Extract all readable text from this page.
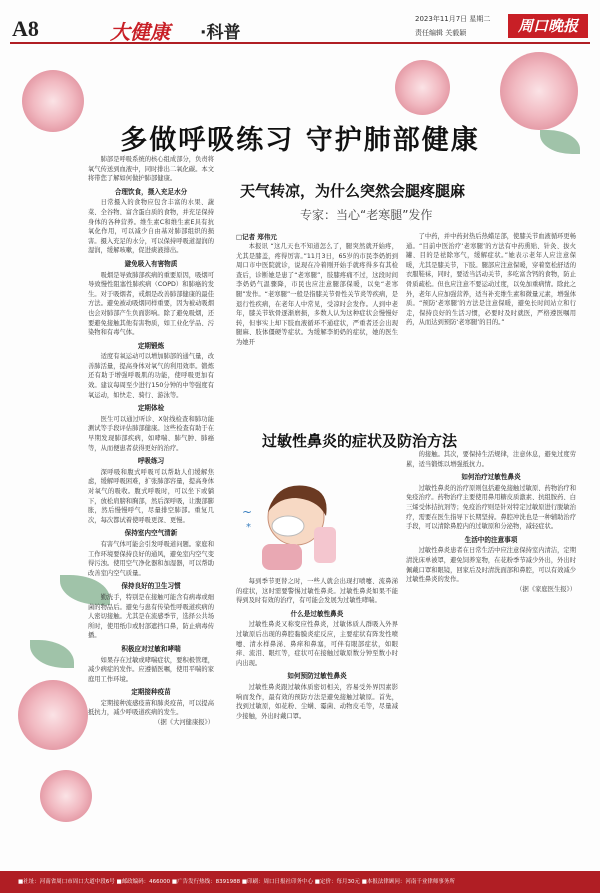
A8	大健康 ·科普
2023年11月7日 星期二
责任编辑 关毅颖	周口晚报
多做呼吸练习 守护肺部健康

肺部是呼吸系统的核心组成部分，负责将氧气传送到血液中，同时排出二氧化碳。本文将带您了解如何做护肺部健康。

合理饮食，摄入充足水分

日常摄入的食物应包含丰富的水果、蔬菜、全谷物、富含蛋白质的食物，并充足保持身体的各种营养。维生素C和维生素E具有抗氧化作用，可以减少自由基对肺部组织的损害。摄入充足的水分，可以保持呼吸道湿润的湿润，缓解咳嗽，促进痰液排出。

避免吸入有害物质

吸烟是导致肺部疾病的重要原因，吸烟可导致慢性阻塞性肺疾病（COPD）和肺癌的发生。对于吸烟者，戒烟是改善肺部健康的最佳方法。避免被动吸烟同样重要，因为被动吸烟也会对肺部产生负面影响。除了避免吸烟，还要避免接触其他有害物质，如工业化学品、污染物和有毒气体。

定期锻炼

适度有氧运动可以增加肺部的通气量，改善肺活量，提高身体对氧气的利用效率。锻炼还有助于增强呼吸肌的功能，使呼吸更加有效。建议每周至少进行150分钟的中等强度有氧运动，如快走、骑行、游泳等。

定期体检

医生可以通过听诊、X射线检查和肺功能测试等手段评估肺部健康。这些检查有助于在早期发现肺部疾病，如哮喘、肺气肿、肺癌等，从而便患者获得更好的治疗。

呼吸练习

深呼吸和腹式呼吸可以帮助人们缓解焦虑，缓解呼吸困难，扩张肺部容量，提高身体对氧气的吸收。腹式呼吸时，可以坐下或躺下，放松肩膀和胸部，然后深呼吸，让腹部膨胀，然后慢慢呼气，尽量排空肺部。重复几次，每次都试着使呼吸更深、更慢。

保持室内空气清新

有害气体可能会引发呼吸道问题。家庭和工作环境要保持良好的通风，避免室内空气变得污浊。使用空气净化器和加湿器，可以帮助改善室内空气质量。

保持良好的卫生习惯

勤洗手，特别是在接触可能含有病毒或细菌的物品后。避免与患有传染性呼吸道疾病的人密切接触。尤其是在流感季节，选择公共场所时，使用纸巾或肘部遮挡口鼻，防止病毒传播。

积极应对过敏和哮喘

如果存在过敏或哮喘症状，要积极管理，减少病症的发作。应遵循医嘱，使用平喘的家庭用工作环境。

定期接种疫苗

定期接种流感疫苗和肺炎疫苗，可以提高抵抗力，减少呼吸道疾病的发生。

（据《大河健康报》）

天气转凉，为什么突然会腿疼腿麻
专家：当心“老寒腿”发作
□记者 郑伟元

本报讯 “这几天也不知道怎么了，腿突然就开始疼，尤其是膝盖，疼得厉害。”11月3日，65岁的市民李奶奶到周口市中医院就诊，说现在冷着刚开始手就疼得多有其检查后，诊断她是患了“老寒腿”，肢膝疼痛不过，这段时间李奶奶气温骤降，市民也应注意腿部保暖，以免“老寒腿”发作。“老寒腿”一般是指膝关节骨性关节炎等疾病，是退行性疾病，在老年人中常见，受凉时会发作。人到中老年，膝关节软骨逐渐磨损，多数人认为这种症状会慢慢好转，但事实上却下肢血液循环不通症状，严重者还会出现腿麻、肢体僵硬等症状。为缓解李奶奶的症状，她的医生为她开

了中药，并中药封热后热蜡足部，使膝关节血液循环更畅通。“目前中医治疗‘老寒腿’的方法有中药熏贴、针灸、拔火罐、目的是祛除寒气，缓解症状。”她表示老年人应注意保暖，尤其是膝关节，下肢。腿部应注意保暖，穿着宽松舒适的衣服鞋袜，同时，要适当活动关节，多吃富含钙的食物，防止骨质疏松。但也应注意不要运动过度，以免加重病情。除此之外，老年人应加强营养，适当补充维生素和微量元素，增强体质。“预防‘老寒腿’的方法是注意保暖，避免长时间站立和行走，保持良好的生活习惯，必要时及时就医，严格遵医嘱用药，从而达到预防‘老寒腿’的目的。”

过敏性鼻炎的症状及防治方法
~
*

每到季节更替之时，一些人就会出现打喷嚏、流鼻涕的症状，这时需要警惕过敏性鼻炎。过敏性鼻炎如果不能得到及时有效的治疗，有可能会发展为过敏性哮喘。

什么是过敏性鼻炎

过敏性鼻炎又称变应性鼻炎，过敏体质人群吸入外界过敏原后出现的鼻腔黏膜炎症反应，主要症状有阵发性喷嚏、清水样鼻涕、鼻痒和鼻塞，可伴有眼部症状，如眼痒、流泪、眼红等，症状可在接触过敏原数分钟至数小时内出现。

如何预防过敏性鼻炎

过敏性鼻炎跟过敏体质密切相关，容易受外界因素影响而发作，最有效的预防方法是避免接触过敏原。首先，找到过敏原，如花粉、尘螨、霉菌、动物皮毛等，尽量减少接触，外出时戴口罩。

的接触。其次，要保持生活规律，注意休息，避免过度劳累，适当锻炼以增强抵抗力。

如何治疗过敏性鼻炎

过敏性鼻炎的治疗原则包括避免接触过敏原、药物治疗和免疫治疗。药物治疗主要使用鼻用糖皮质激素、抗组胺药、白三烯受体拮抗剂等；免疫治疗则是针对特定过敏原进行脱敏治疗，需要在医生指导下长期坚持。鼻腔冲洗也是一种辅助治疗手段，可以清除鼻腔内的过敏原和分泌物，减轻症状。

生活中的注意事项

过敏性鼻炎患者在日常生活中应注意保持室内清洁，定期清洗床单被罩，避免饲养宠物，在花粉季节减少外出，外出时佩戴口罩和眼镜，回家后及时清洗面部和鼻腔，可以有效减少过敏性鼻炎的发作。

（据《家庭医生报》）

■社址：河南省周口市周口大道中段6号 ■邮政编码：466000 ■广告发行热线：8391988 ■印刷：周口日报社印务中心 ■定价：每月30元 ■本报法律顾问：河南千业律师事务所
